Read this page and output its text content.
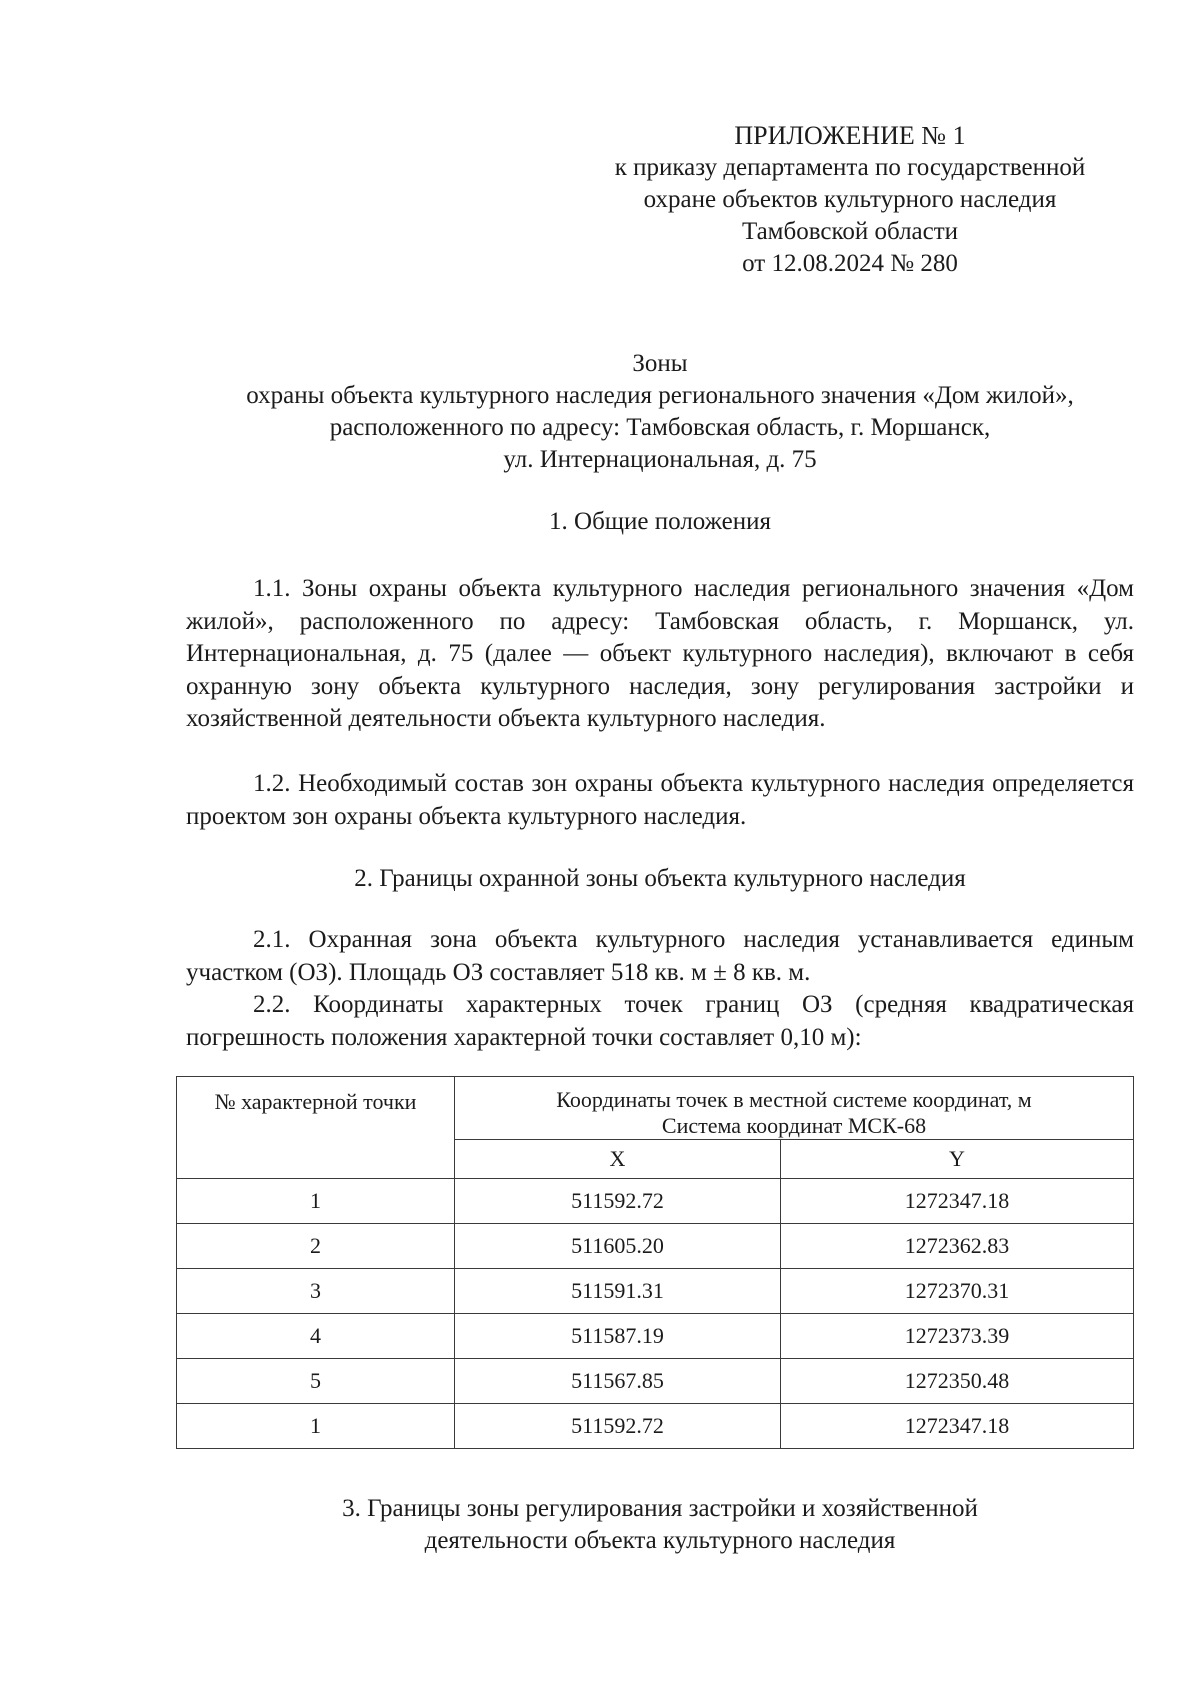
ПРИЛОЖЕНИЕ № 1
к приказу департамента по государственной
охране объектов культурного наследия
Тамбовской области
от 12.08.2024 № 280
Зоны
охраны объекта культурного наследия регионального значения «Дом жилой»,
расположенного по адресу: Тамбовская область, г. Моршанск,
ул. Интернациональная, д. 75
1. Общие положения
1.1. Зоны охраны объекта культурного наследия регионального значения «Дом жилой», расположенного по адресу: Тамбовская область, г. Моршанск, ул. Интернациональная, д. 75 (далее — объект культурного наследия), включают в себя охранную зону объекта культурного наследия, зону регулирования застройки и хозяйственной деятельности объекта культурного наследия.
1.2. Необходимый состав зон охраны объекта культурного наследия определяется проектом зон охраны объекта культурного наследия.
2. Границы охранной зоны объекта культурного наследия
2.1. Охранная зона объекта культурного наследия устанавливается единым участком (ОЗ). Площадь ОЗ составляет 518 кв. м ± 8 кв. м.
2.2. Координаты характерных точек границ ОЗ (средняя квадратическая погрешность положения характерной точки составляет 0,10 м):
№ характерной точки	Координаты точек в местной системе координат, м
Система координат МСК-68	

	X	Y
1	511592.72	1272347.18
2	511605.20	1272362.83
3	511591.31	1272370.31
4	511587.19	1272373.39
5	511567.85	1272350.48
1	511592.72	1272347.18
3. Границы зоны регулирования застройки и хозяйственной
деятельности объекта культурного наследия
